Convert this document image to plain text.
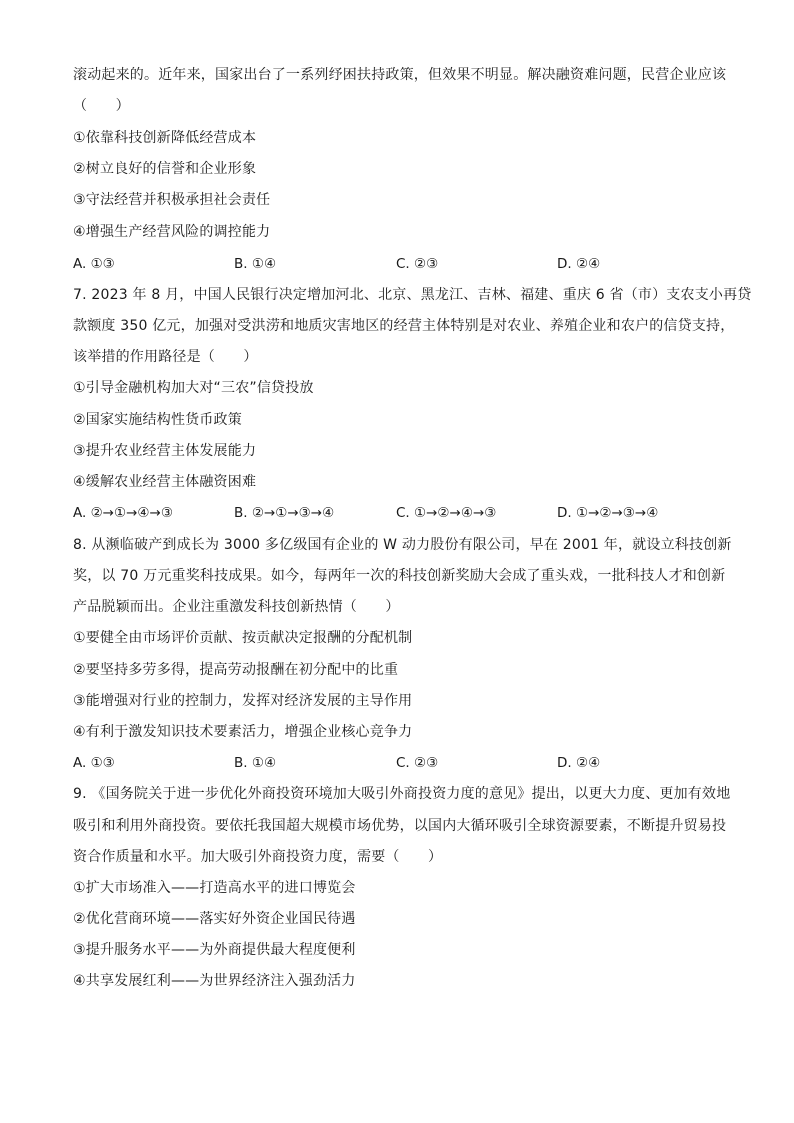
滚动起来的。近年来，国家出台了一系列纾困扶持政策，但效果不明显。解决融资难问题，民营企业应该
（　　）
①依靠科技创新降低经营成本
②树立良好的信誉和企业形象
③守法经营并积极承担社会责任
④增强生产经营风险的调控能力
A. ①③	B. ①④	C. ②③	D. ②④
7. 2023 年 8 月，中国人民银行决定增加河北、北京、黑龙江、吉林、福建、重庆 6 省（市）支农支小再贷
款额度 350 亿元，加强对受洪涝和地质灾害地区的经营主体特别是对农业、养殖企业和农户的信贷支持，
该举措的作用路径是（　　）
①引导金融机构加大对“三农”信贷投放
②国家实施结构性货币政策
③提升农业经营主体发展能力
④缓解农业经营主体融资困难
A. ②→①→④→③	B. ②→①→③→④	C. ①→②→④→③	D. ①→②→③→④
8. 从濒临破产到成长为 3000 多亿级国有企业的 W 动力股份有限公司，早在 2001 年，就设立科技创新
奖，以 70 万元重奖科技成果。如今，每两年一次的科技创新奖励大会成了重头戏，一批科技人才和创新
产品脱颖而出。企业注重激发科技创新热情（　　）
①要健全由市场评价贡献、按贡献决定报酬的分配机制
②要坚持多劳多得，提高劳动报酬在初分配中的比重
③能增强对行业的控制力，发挥对经济发展的主导作用
④有利于激发知识技术要素活力，增强企业核心竞争力
A. ①③	B. ①④	C. ②③	D. ②④
9. 《国务院关于进一步优化外商投资环境加大吸引外商投资力度的意见》提出，以更大力度、更加有效地
吸引和利用外商投资。要依托我国超大规模市场优势，以国内大循环吸引全球资源要素，不断提升贸易投
资合作质量和水平。加大吸引外商投资力度，需要（　　）
①扩大市场准入——打造高水平的进口博览会
②优化营商环境——落实好外资企业国民待遇
③提升服务水平——为外商提供最大程度便利
④共享发展红利——为世界经济注入强劲活力
